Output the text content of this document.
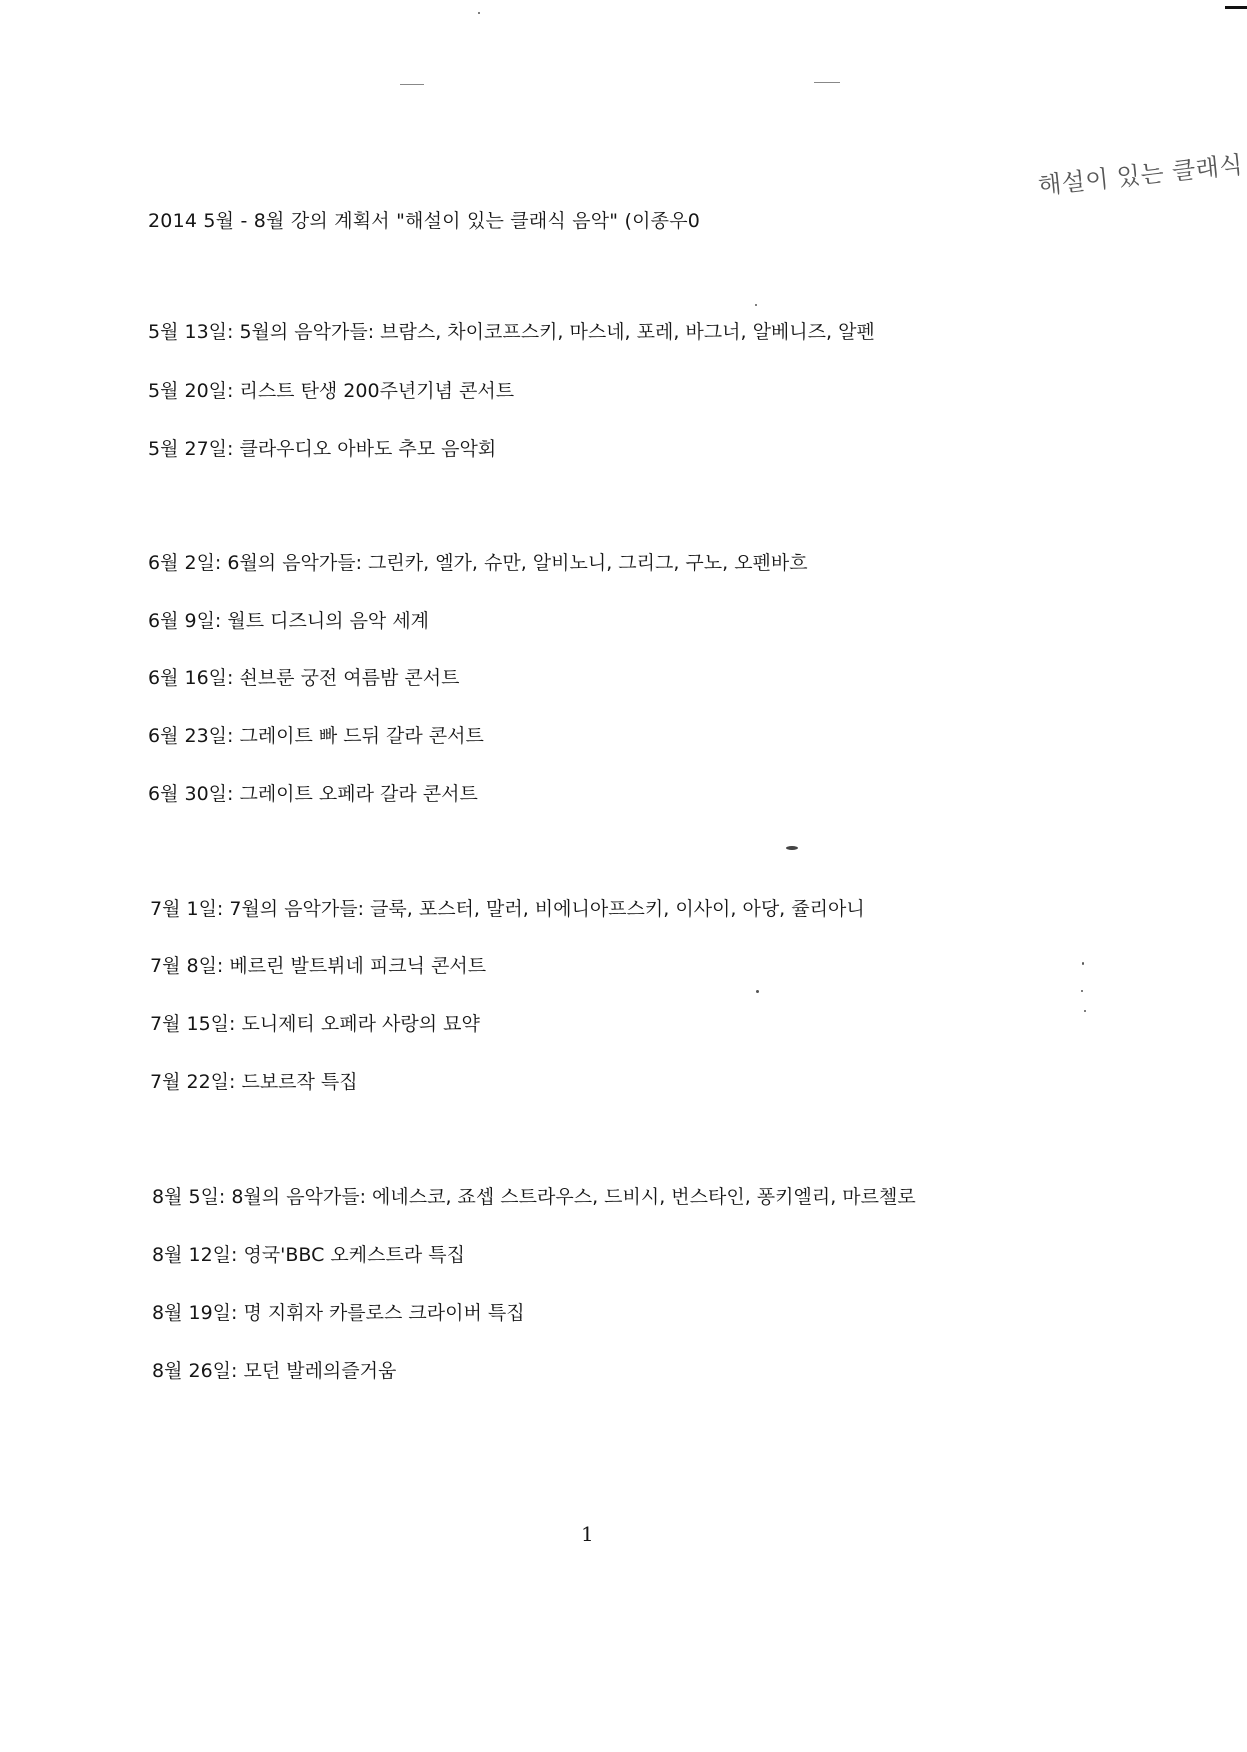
해설이 있는 클래식
2014 5월 - 8월 강의 계획서 "해설이 있는 클래식 음악" (이종우0
5월 13일: 5월의 음악가들: 브람스, 차이코프스키, 마스네, 포레, 바그너, 알베니즈, 알펜
5월 20일: 리스트 탄생 200주년기념 콘서트
5월 27일: 클라우디오 아바도 추모 음악회
6월 2일: 6월의 음악가들: 그린카, 엘가, 슈만, 알비노니, 그리그, 구노, 오펜바흐
6월 9일: 월트 디즈니의 음악 세계
6월 16일: 쇤브룬 궁전 여름밤 콘서트
6월 23일: 그레이트 빠 드뒤 갈라 콘서트
6월 30일: 그레이트 오페라 갈라 콘서트
7월 1일: 7월의 음악가들: 글룩, 포스터, 말러, 비에니아프스키, 이사이, 아당, 쥴리아니
7월 8일: 베르린 발트뷔네 피크닉 콘서트
7월 15일: 도니제티 오페라 사랑의 묘약
7월 22일: 드보르작 특집
8월 5일: 8월의 음악가들: 에네스코, 죠셉 스트라우스, 드비시, 번스타인, 퐁키엘리, 마르첼로
8월 12일: 영국'BBC 오케스트라 특집
8월 19일: 명 지휘자 카를로스 크라이버 특집
8월 26일: 모던 발레의즐거움
1
